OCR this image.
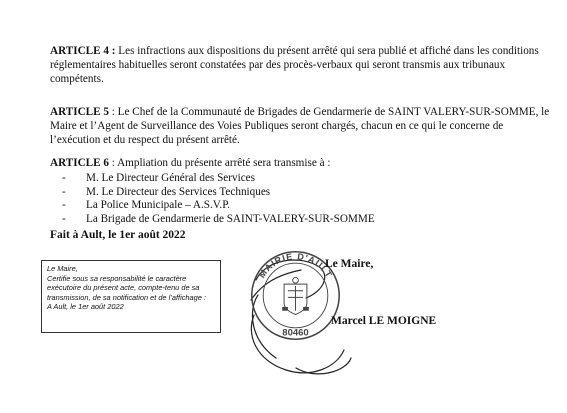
ARTICLE 4 : Les infractions aux dispositions du présent arrêté qui sera publié et affiché dans les conditions réglementaires habituelles seront constatées par des procès-verbaux qui seront transmis aux tribunaux compétents.

ARTICLE 5 : Le Chef de la Communauté de Brigades de Gendarmerie de SAINT VALERY-SUR-SOMME, le Maire et l’Agent de Surveillance des Voies Publiques seront chargés, chacun en ce qui le concerne de l’exécution et du respect du présent arrêté.

ARTICLE 6 : Ampliation du présente arrêté sera transmise à :

- M. Le Directeur Général des Services
- M. Le Directeur des Services Techniques
- La Police Municipale – A.S.V.P.
- La Brigade de Gendarmerie de SAINT-VALERY-SUR-SOMME

Fait à Ault, le 1er août 2022

Le Maire,
Certifie sous sa responsabilité le caractère exécutoire du présent acte, compte-tenu de sa transmission, de sa notification et de l’affichage :
A Ault, le 1er août 2022
MAIRIE D'AULT
80460
Le Maire,
Marcel LE MOIGNE
